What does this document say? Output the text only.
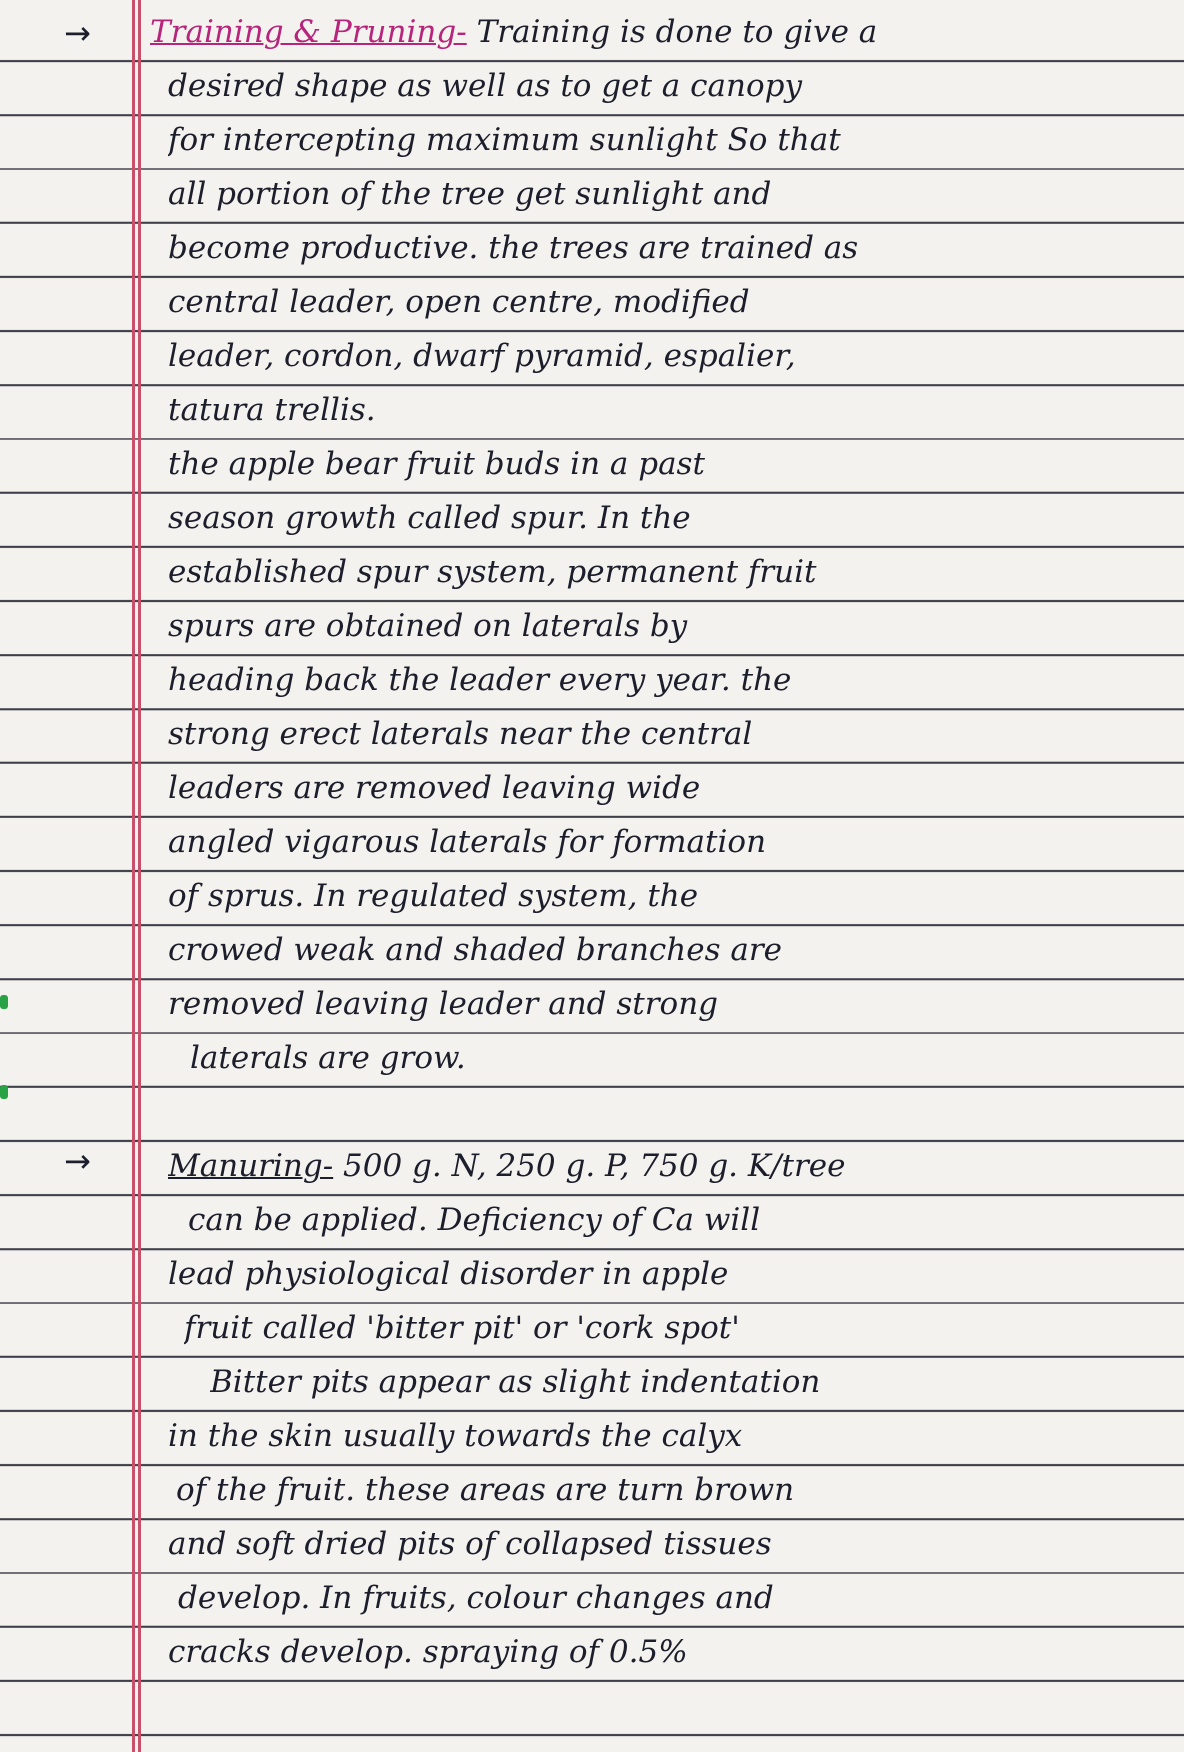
→
→
Training & Pruning- Training is done to give a
desired shape as well as to get a canopy
for intercepting maximum sunlight So that
all portion of the tree get sunlight and
become productive. the trees are trained as
central leader, open centre, modified
leader, cordon, dwarf pyramid, espalier,
tatura trellis.
the apple bear fruit buds in a past
season growth called spur. In the
established spur system, permanent fruit
spurs are obtained on laterals by
heading back the leader every year. the
strong erect laterals near the central
leaders are removed leaving wide
angled vigarous laterals for formation
of sprus. In regulated system, the
crowed weak and shaded branches are
removed leaving leader and strong
laterals are grow.
Manuring- 500 g. N, 250 g. P, 750 g. K/tree
can be applied. Deficiency of Ca will
lead physiological disorder in apple
fruit called 'bitter pit' or 'cork spot'
Bitter pits appear as slight indentation
in the skin usually towards the calyx
of the fruit. these areas are turn brown
and soft dried pits of collapsed tissues
develop. In fruits, colour changes and
cracks develop. spraying of 0.5%
